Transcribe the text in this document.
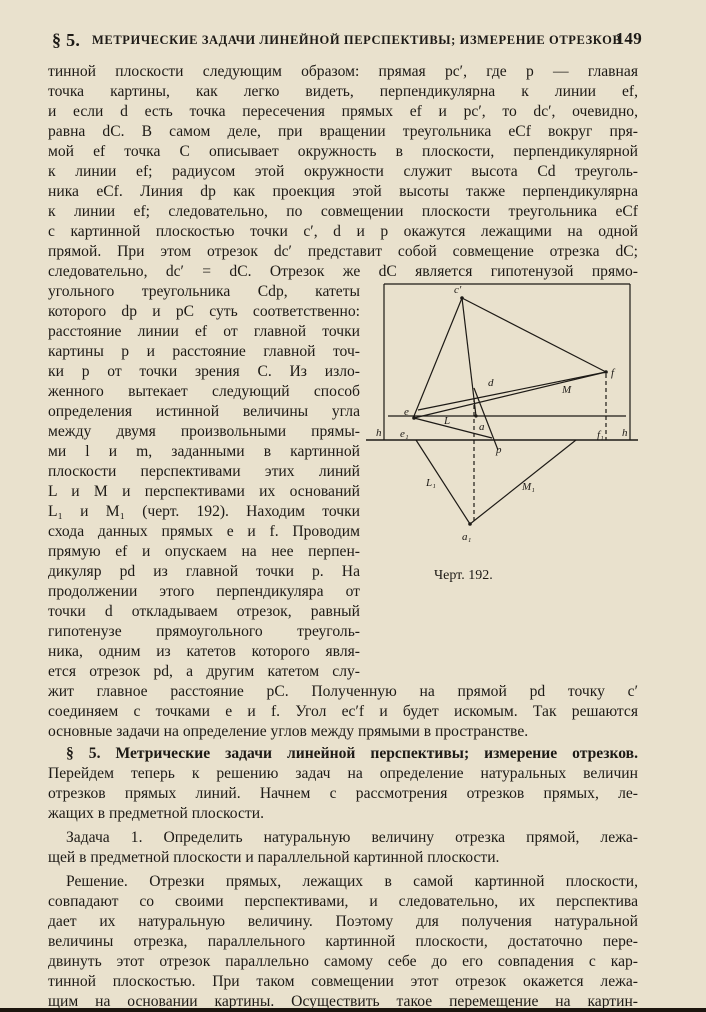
§ 5. МЕТРИЧЕСКИЕ ЗАДАЧИ ЛИНЕЙНОЙ ПЕРСПЕКТИВЫ; ИЗМЕРЕНИЕ ОТРЕЗКОВ
149
тинной плоскости следующим образом: прямая pc′, где p — главная
точка картины, как легко видеть, перпендикулярна к линии ef,
и если d есть точка пересечения прямых ef и pc′, то dc′, очевидно,
равна dC. В самом деле, при вращении треугольника eCf вокруг пря-
мой ef точка C описывает окружность в плоскости, перпендикулярной
к линии ef; радиусом этой окружности служит высота Cd треуголь-
ника eCf. Линия dp как проекция этой высоты также перпендикулярна
к линии ef; следовательно, по совмещении плоскости треугольника eCf
с картинной плоскостью точки c′, d и p окажутся лежащими на одной
прямой. При этом отрезок dc′ представит собой совмещение отрезка dC;
следовательно, dc′ = dC. Отрезок же dC является гипотенузой прямо-
угольного треугольника Cdp, катеты
которого dp и pC суть соответственно:
расстояние линии ef от главной точки
картины p и расстояние главной точ-
ки p от точки зрения C. Из изло-
женного вытекает следующий способ
определения истинной величины угла
между двумя произвольными прямы-
ми l и m, заданными в картинной
плоскости перспективами этих линий
L и M и перспективами их оснований
L₁ и M₁ (черт. 192). Находим точки
схода данных прямых e и f. Проводим
прямую ef и опускаем на нее перпен-
дикуляр pd из главной точки p. На
продолжении этого перпендикуляра от
точки d откладываем отрезок, равный
гипотенузе прямоугольного треуголь-
ника, одним из катетов которого явля-
ется отрезок pd, а другим катетом слу-
жит главное расстояние pC. Полученную на прямой pd точку c′
соединяем с точками e и f. Угол ec′f и будет искомым. Так решаются
основные задачи на определение углов между прямыми в пространстве.
§ 5. Метрические задачи линейной перспективы; измерение отрезков.
Перейдем теперь к решению задач на определение натуральных величин
отрезков прямых линий. Начнем с рассмотрения отрезков прямых, ле-
жащих в предметной плоскости.
Задача 1. Определить натуральную величину отрезка прямой, лежа-
щей в предметной плоскости и параллельной картинной плоскости.
Решение. Отрезки прямых, лежащих в самой картинной плоскости,
совпадают со своими перспективами, и следовательно, их перспектива
дает их натуральную величину. Поэтому для получения натуральной
величины отрезка, параллельного картинной плоскости, достаточно пере-
двинуть этот отрезок параллельно самому себе до его совпадения с кар-
тинной плоскостью. При таком совмещении этот отрезок окажется лежа-
щим на основании картины. Осуществить такое перемещение на картин-
c′
f
e
d
M
L	a
p
h	h
e₁	f₁
L₁	M₁
a₁
Черт. 192.
